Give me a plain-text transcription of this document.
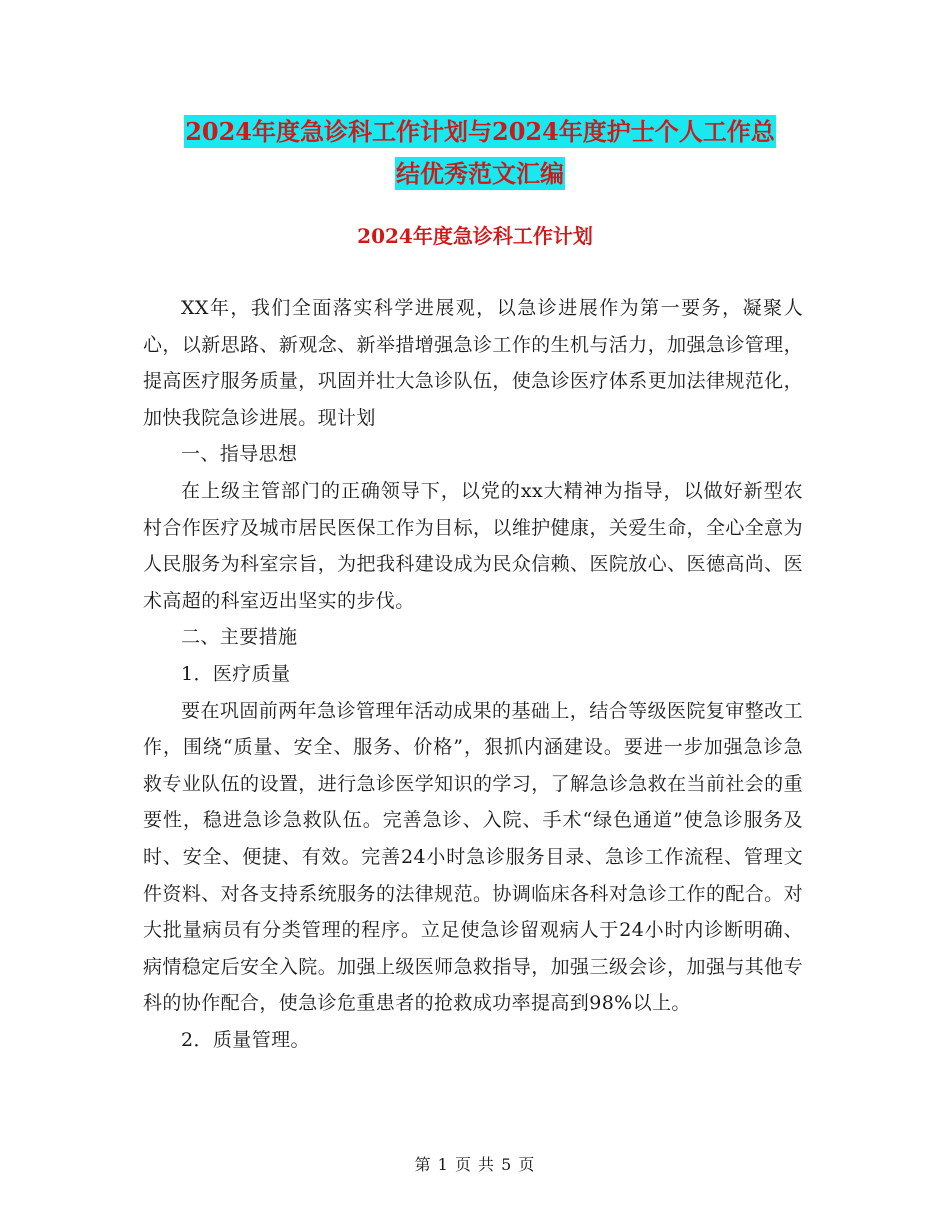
2024年度急诊科工作计划与2024年度护士个人工作总
结优秀范文汇编
2024年度急诊科工作计划

XX年，我们全面落实科学进展观，以急诊进展作为第一要务，凝聚人心，以新思路、新观念、新举措增强急诊工作的生机与活力，加强急诊管理，提高医疗服务质量，巩固并壮大急诊队伍，使急诊医疗体系更加法律规范化，加快我院急诊进展。现计划

一、指导思想

在上级主管部门的正确领导下，以党的xx大精神为指导，以做好新型农村合作医疗及城市居民医保工作为目标，以维护健康，关爱生命，全心全意为人民服务为科室宗旨，为把我科建设成为民众信赖、医院放心、医德高尚、医术高超的科室迈出坚实的步伐。

二、主要措施

1．医疗质量

要在巩固前两年急诊管理年活动成果的基础上，结合等级医院复审整改工作，围绕“质量、安全、服务、价格”，狠抓内涵建设。要进一步加强急诊急救专业队伍的设置，进行急诊医学知识的学习，了解急诊急救在当前社会的重要性，稳进急诊急救队伍。完善急诊、入院、手术“绿色通道”使急诊服务及时、安全、便捷、有效。完善24小时急诊服务目录、急诊工作流程、管理文件资料、对各支持系统服务的法律规范。协调临床各科对急诊工作的配合。对大批量病员有分类管理的程序。立足使急诊留观病人于24小时内诊断明确、病情稳定后安全入院。加强上级医师急救指导，加强三级会诊，加强与其他专科的协作配合，使急诊危重患者的抢救成功率提高到98%以上。

2．质量管理。

第 1 页 共 5 页
